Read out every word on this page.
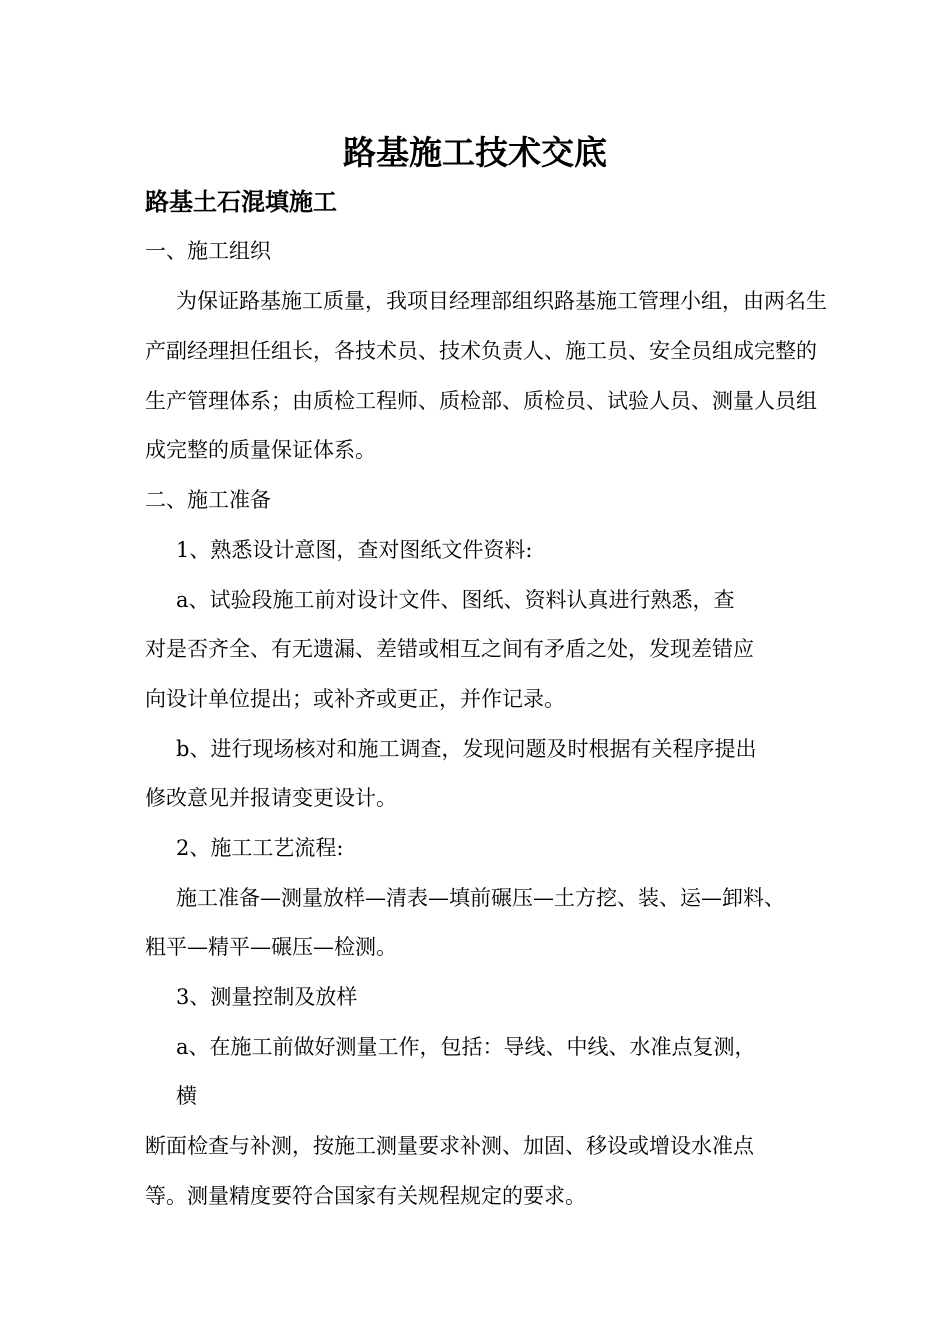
路基施工技术交底
路基土石混填施工

一、施工组织

为保证路基施工质量，我项目经理部组织路基施工管理小组，由两名生

产副经理担任组长，各技术员、技术负责人、施工员、安全员组成完整的

生产管理体系；由质检工程师、质检部、质检员、试验人员、测量人员组

成完整的质量保证体系。

二、施工准备

1、熟悉设计意图，查对图纸文件资料:

a、试验段施工前对设计文件、图纸、资料认真进行熟悉，查

对是否齐全、有无遗漏、差错或相互之间有矛盾之处，发现差错应

向设计单位提出；或补齐或更正，并作记录。

b、进行现场核对和施工调查，发现问题及时根据有关程序提出

修改意见并报请变更设计。

2、施工工艺流程:

施工准备—测量放样—清表—填前碾压—土方挖、装、运—卸料、

粗平—精平—碾压—检测。

3、测量控制及放样

a、在施工前做好测量工作，包括：导线、中线、水准点复测，

横

断面检查与补测，按施工测量要求补测、加固、移设或增设水准点

等。测量精度要符合国家有关规程规定的要求。
